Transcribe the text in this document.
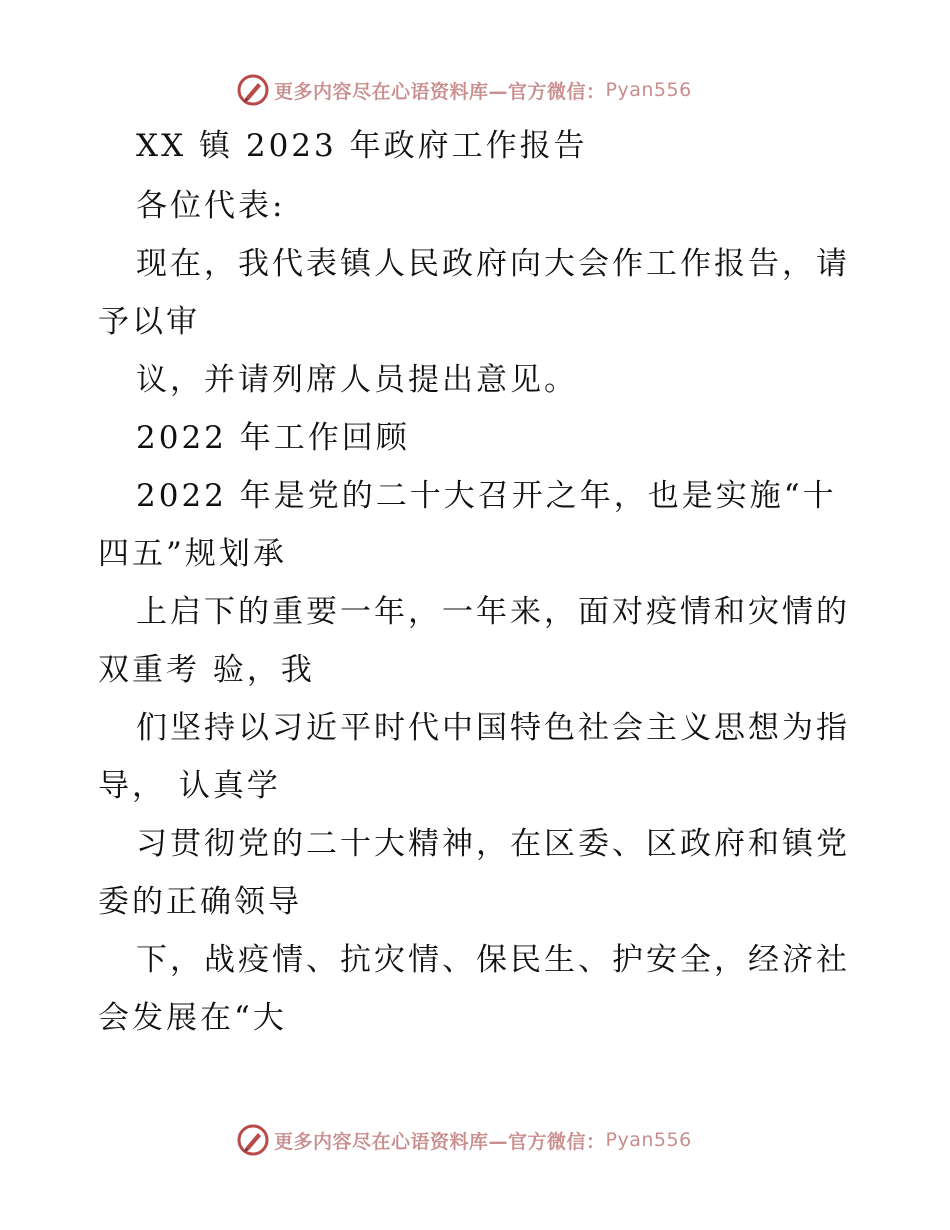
更多内容尽在心语资料库—官方微信： Pyan556
XX 镇 2023 年政府工作报告
各位代表:
现在，我代表镇人民政府向大会作工作报告，请
予以审
议，并请列席人员提出意见。
2022 年工作回顾
2022 年是党的二十大召开之年，也是实施“十
四五”规划承
上启下的重要一年，一年来，面对疫情和灾情的
双重考 验，我
们坚持以习近平时代中国特色社会主义思想为指
导， 认真学
习贯彻党的二十大精神，在区委、区政府和镇党
委的正确领导
下，战疫情、抗灾情、保民生、护安全，经济社
会发展在“大
更多内容尽在心语资料库—官方微信： Pyan556
